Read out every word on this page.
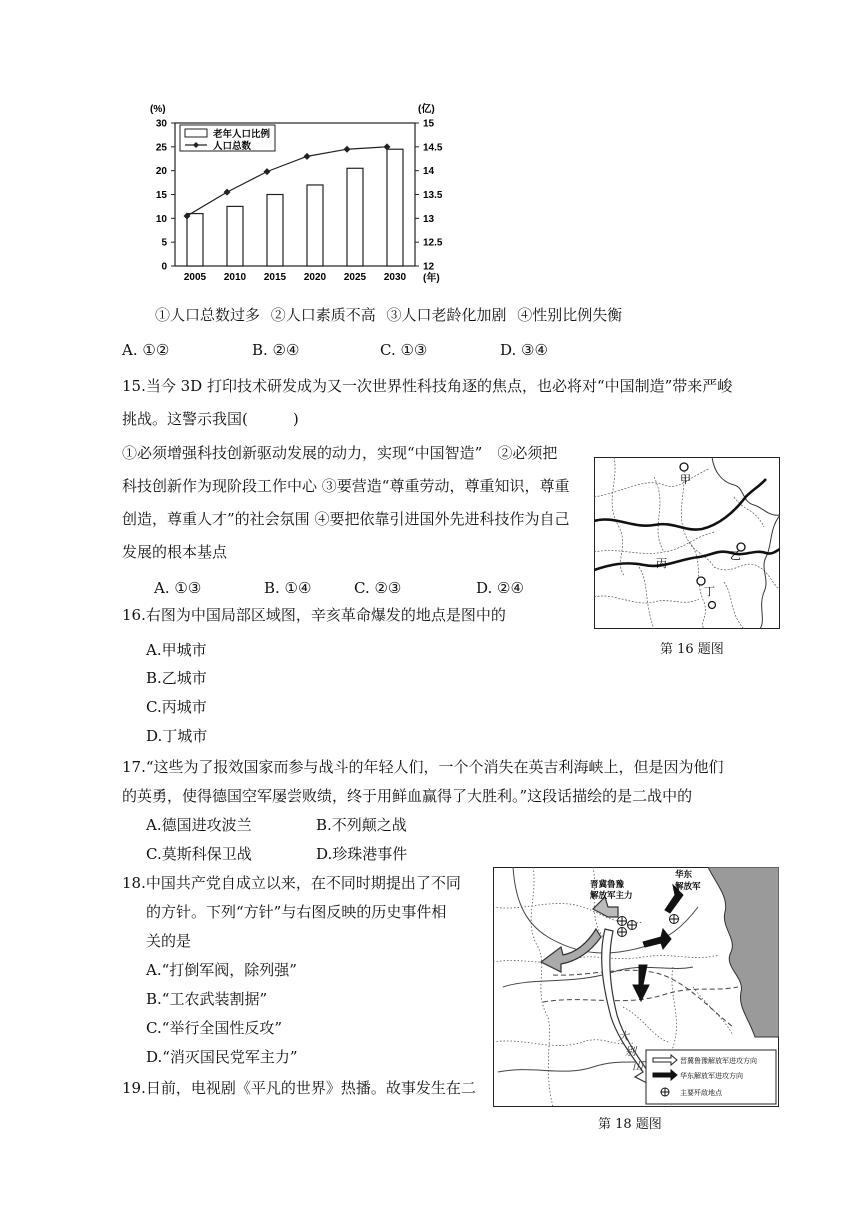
0
5
10
15
20
25
30
12
12.5
13
13.5
14
14.5
15
2005 2010 2015 2020 2025 2030
老年人口比例
人口总数
(%)	(亿)
(年)
①人口总数过多 ②人口素质不高 ③人口老龄化加剧 ④性别比例失衡
A. ①②	B. ②④	C. ①③	D. ③④
15.当今 3D 打印技术研发成为又一次世界性科技角逐的焦点，也必将对“中国制造”带来严峻
挑战。这警示我国(　　　)
①必须增强科技创新驱动发展的动力，实现“中国智造”　②必须把
科技创新作为现阶段工作中心 ③要营造“尊重劳动，尊重知识，尊重
创造，尊重人才”的社会氛围 ④要把依靠引进国外先进科技作为自己
发展的根本基点
A. ①③	B. ①④	C. ②③	D. ②④
甲
乙
丙
丁
第 16 题图
16.右图为中国局部区域图，辛亥革命爆发的地点是图中的
A.甲城市
B.乙城市
C.丙城市
D.丁城市
17.“这些为了报效国家而参与战斗的年轻人们，一个个消失在英吉利海峡上，但是因为他们
的英勇，使得德国空军屡尝败绩，终于用鲜血赢得了大胜利。”这段话描绘的是二战中的
A.德国进攻波兰	B.不列颠之战
C.莫斯科保卫战	D.珍珠港事件
18.中国共产党自成立以来，在不同时期提出了不同
的方针。下列“方针”与右图反映的历史事件相
关的是
A.“打倒军阀，除列强”
B.“工农武装割据”
C.“举行全国性反攻”
D.“消灭国民党军主力”
晋冀鲁豫
解放军主力
华东
解放军
大
别
山	晋冀鲁豫解放军进攻方向
华东解放军进攻方向
主要歼敌地点
第 18 题图
19.日前，电视剧《平凡的世界》热播。故事发生在二
